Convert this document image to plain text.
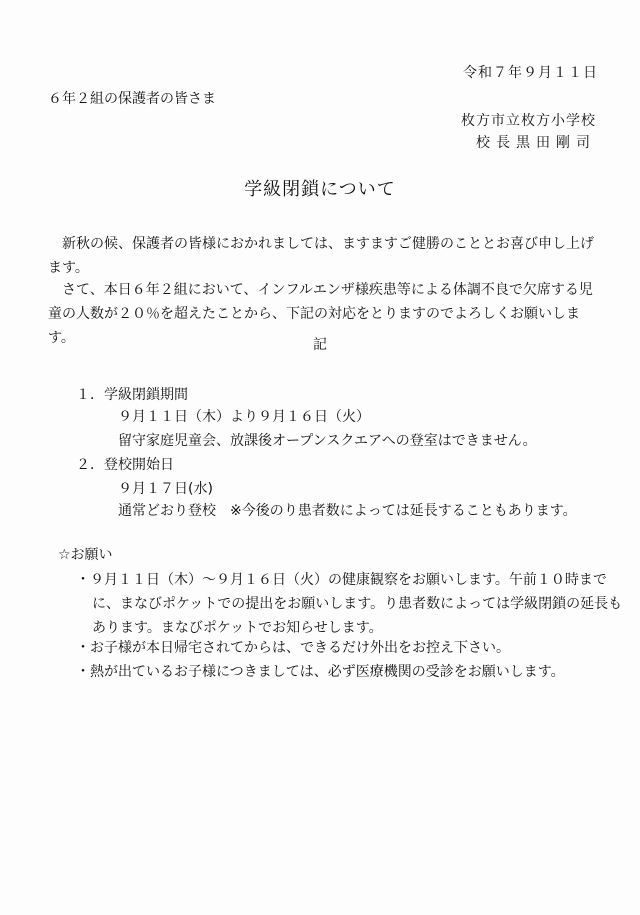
令和７年９月１１日
６年２組の保護者の皆さま
枚方市立枚方小学校
校長黒田剛司
学級閉鎖について
新秋の候、保護者の皆様におかれましては、ますますご健勝のこととお喜び申し上げます。
さて、本日６年２組において、インフルエンザ様疾患等による体調不良で欠席する児童の人数が２０％を超えたことから、下記の対応をとりますのでよろしくお願いします。	記
１．学級閉鎖期間
９月１１日（木）より９月１６日（火）
留守家庭児童会、放課後オープンスクエアへの登室はできません。
２．登校開始日
９月１７日(水)
通常どおり登校　※今後のり患者数によっては延長することもあります。
☆お願い
・９月１１日（木）～９月１６日（火）の健康観察をお願いします。午前１０時までに、まなびポケットでの提出をお願いします。り患者数によっては学級閉鎖の延長もあります。まなびポケットでお知らせします。
・お子様が本日帰宅されてからは、できるだけ外出をお控え下さい。
・熱が出ているお子様につきましては、必ず医療機関の受診をお願いします。
